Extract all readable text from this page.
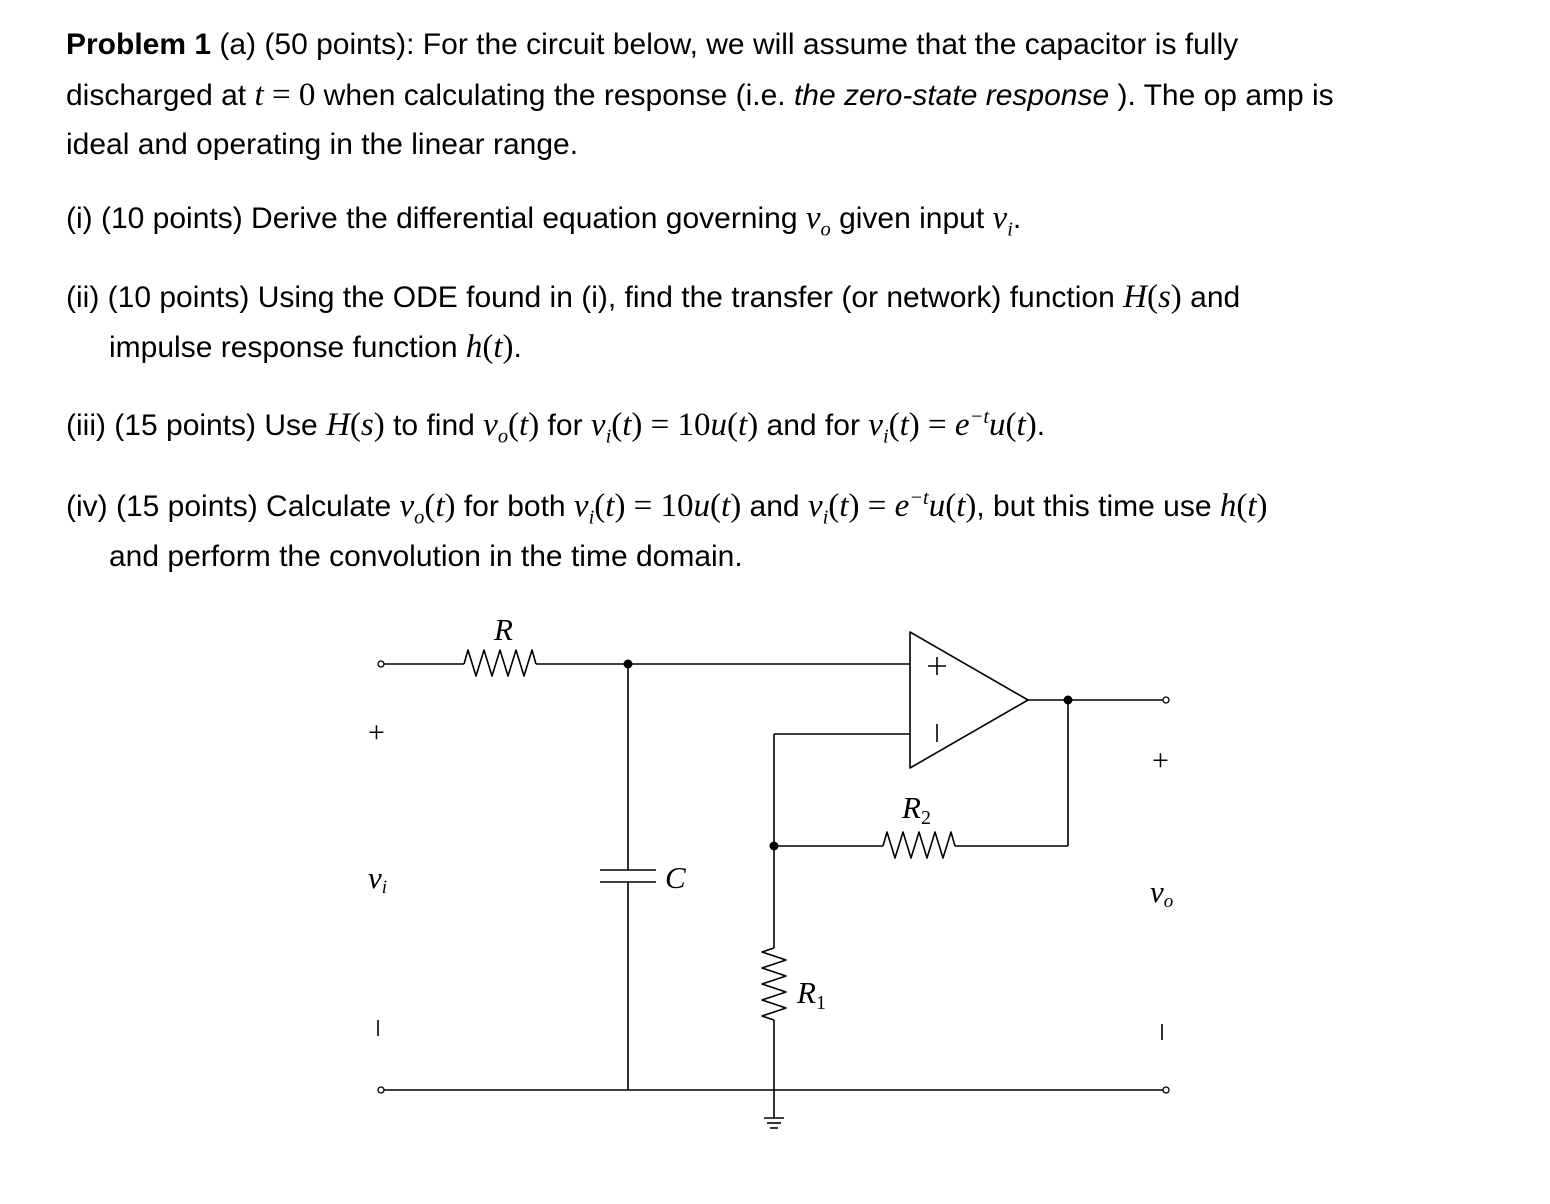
Problem 1 (a) (50 points): For the circuit below, we will assume that the capacitor is fully
discharged at t = 0 when calculating the response (i.e. the zero-state response ). The op amp is
ideal and operating in the linear range.
(i) (10 points) Derive the differential equation governing $v_o$ given input $v_i$.
(ii) (10 points) Using the ODE found in (i), find the transfer (or network) function H(s) and
impulse response function h(t).
(iii) (15 points) Use H(s) to find $v_o(t)$ for $v_i(t) = 10u(t)$ and for $v_i(t) = e^{-t}u(t)$.
(iv) (15 points) Calculate $v_o(t)$ for both $v_i(t) = 10u(t)$ and $v_i(t) = e^{-t}u(t)$, but this time use h(t)
and perform the convolution in the time domain.
R
C
R1
R2
vi	vo
+
+
